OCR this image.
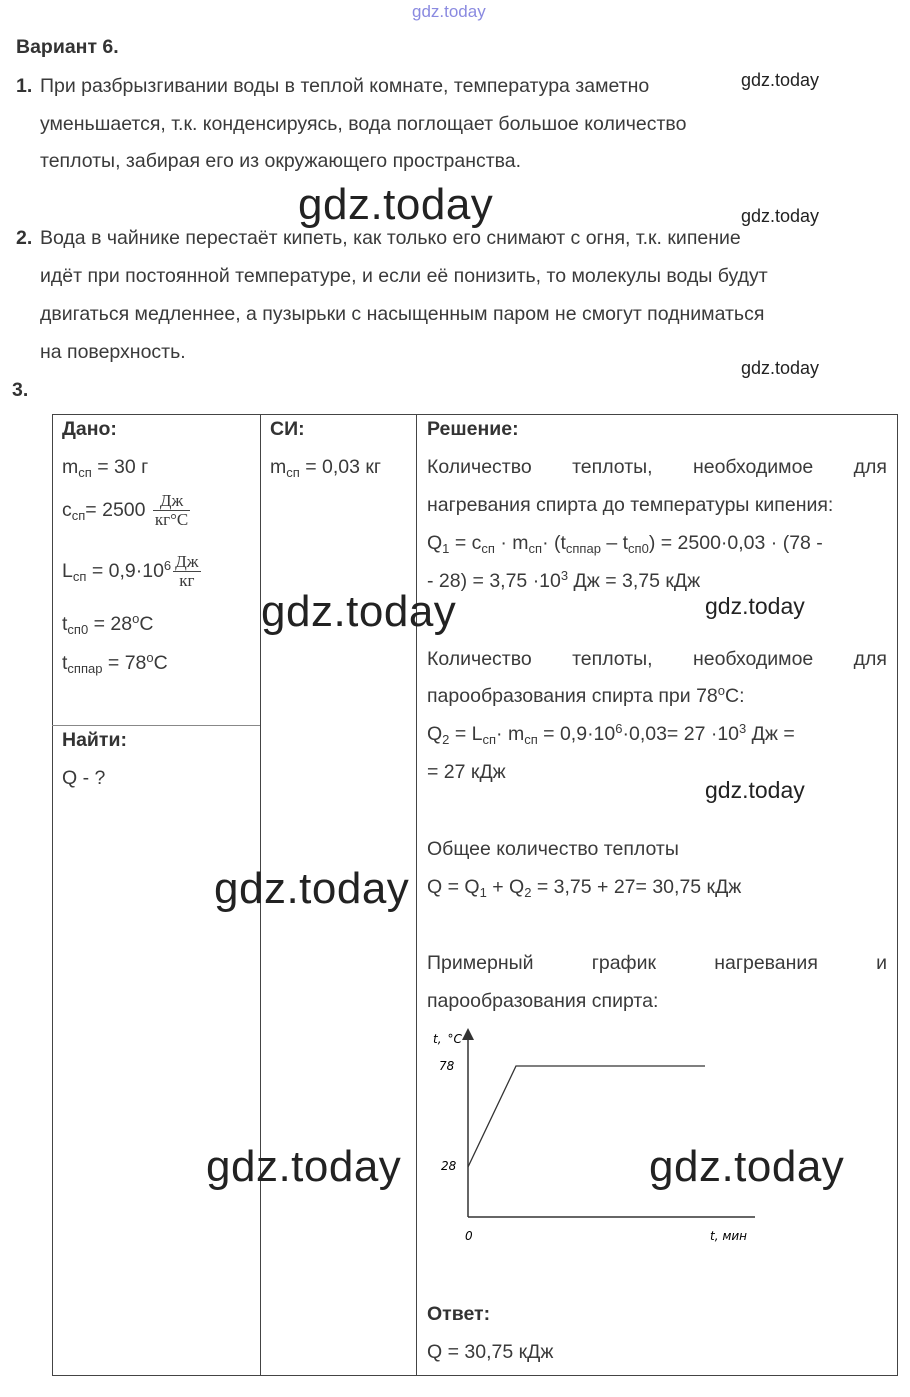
gdz.today
Вариант 6.
1. При разбрызгивании воды в теплой комнате, температура заметно
уменьшается, т.к. конденсируясь, вода поглощает большое количество
теплоты, забирая его из окружающего пространства.
gdz.today
gdz.today	gdz.today
2. Вода в чайнике перестаёт кипеть, как только его снимают с огня, т.к. кипение
идёт при постоянной температуре, и если её понизить, то молекулы воды будут
двигаться медленнее, а пузырьки с насыщенным паром не смогут подниматься
на поверхность.
gdz.today
3.
Дано:
$m_{сп} = 30$ г
$c_{сп}= 2500 \frac{Дж}{кг^\circ C}$
$L_{сп} = 0,9\cdot 10^6 \frac{Дж}{кг}$
$t_{сп0} = 28^oC$
$t_{сппар} = 78^oC$
Найти:
Q - ?
СИ:
$m_{сп} = 0,03$ кг
Решение:
Количество теплоты, необходимое для
нагревания спирта до температуры кипения:
$Q_1 = c_{сп} \cdot m_{сп}\cdot (t_{сппар} - t_{сп0}) = 2500\cdot 0,03 \cdot (78$ -
- $28) = 3,75 \cdot 10^3$ Дж = 3,75 кДж
Количество теплоты, необходимое для
парообразования спирта при 78$^o$C:
$Q_2 = L_{сп}\cdot m_{сп} = 0,9\cdot 10^6\cdot 0,03= 27 \cdot 10^3$ Дж =
= 27 кДж
Общее количество теплоты
$Q = Q_1 + Q_2 = 3,75 + 27= 30,75$ кДж
Примерный	график	нагревания	и
парообразования спирта:
t, °C
78
28
0	t, мин
Ответ:
Q = 30,75 кДж
gdz.today	gdz.today
gdz.today
gdz.today
gdz.today	gdz.today
